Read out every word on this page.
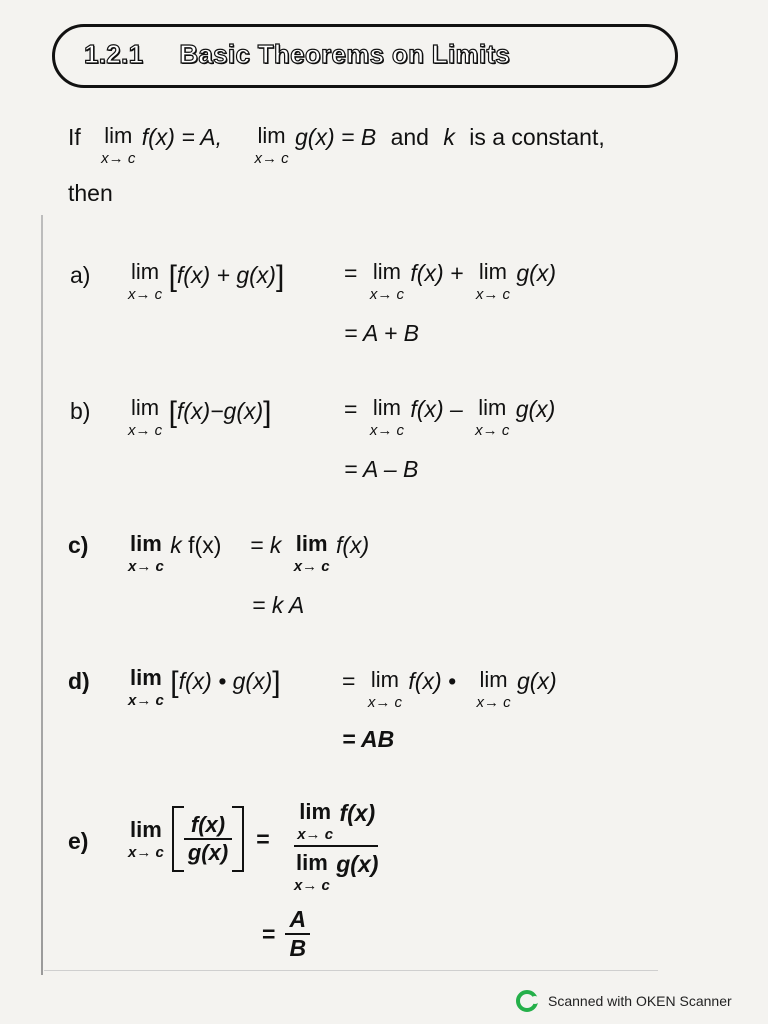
1.2.1 Basic Theorems on Limits
If lim
x→ c
f(x) = A, lim
x→ c
g(x) = B and k is a constant,
then
a) lim
x→ c
[f(x) + g(x)]	= lim
x→ c
f(x) + lim
x→ c
g(x)
= A + B
b) lim
x→ c
[f(x)−g(x)]	= lim
x→ c
f(x) – lim
x→ c
g(x)
= A – B
c) lim
x→ c
k f(x) = k lim
x→ c
f(x)
= k A
d) lim
x→ c
[f(x) • g(x)]	= lim
x→ c
f(x) • lim
x→ c
g(x)
= AB
e) lim
x→ c $\frac{f(x)}{g(x)} = \lim$
x→ c
f(x)
lim
x→ c
g(x)
= $\frac{A}{B}$
Scanned with OKEN Scanner
